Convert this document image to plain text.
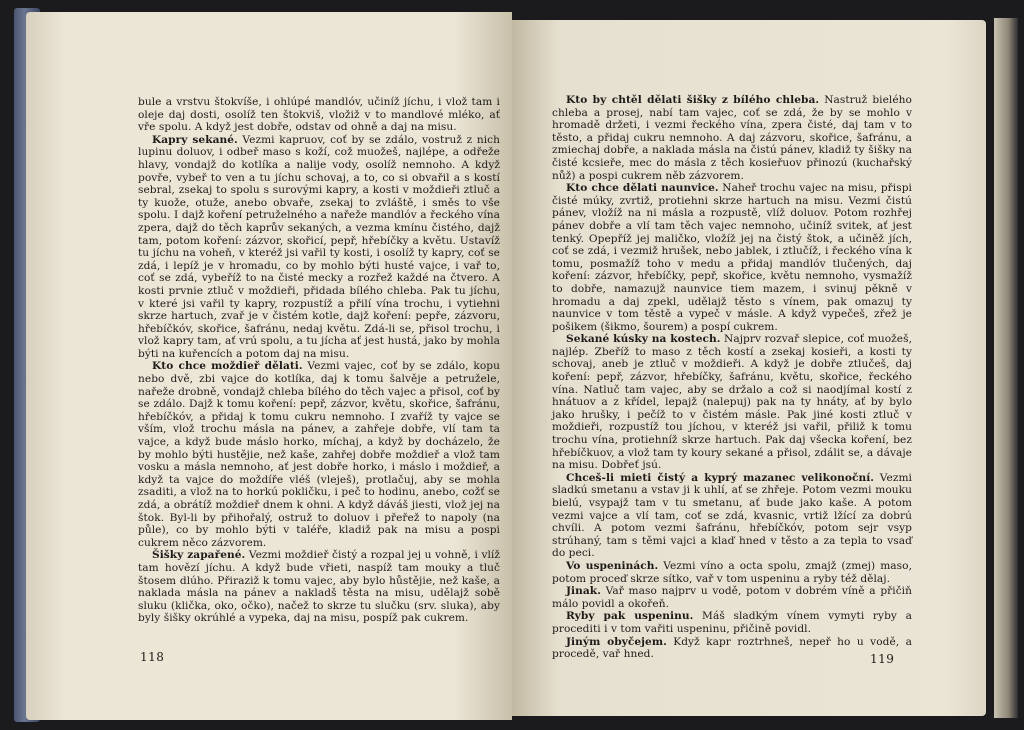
bule a vrstvu štokvíše, i ohlúpé mandlóv, učiníž jíchu, i vlož tam i oleje daj dosti, osolíž ten štokviš, vložiž v to mandlové mléko, ať vře spolu. A když jest dobře, odstav od ohně a daj na misu.

Kapry sekané. Vezmi kapruov, coť by se zdálo, vostruž z nich lupinu doluov, i odbeř maso s koží, což muožeš, najlépe, a odřeže hlavy, vondajž do kotlíka a nalije vody, osolíž nemnoho. A když povře, vybeř to ven a tu jíchu schovaj, a to, co si obvařil a s kostí sebral, zsekaj to spolu s surovými kapry, a kosti v moždieři ztluč a ty kuože, otuže, anebo obvaře, zsekaj to zvláště, i směs to vše spolu. I dajž koření petruželného a nařeže mandlóv a řeckého vína zpera, dajž do těch kaprův sekaných, a vezma kmínu čistého, dajž tam, potom koření: zázvor, skořicí, pepř, hřebíčky a květu. Ustavíž tu jíchu na voheň, v kteréž jsi vařil ty kosti, i osolíž ty kapry, coť se zdá, i lepíž je v hromadu, co by mohlo býti husté vajce, i vař to, coť se zdá, vybeříž to na čisté mecky a rozřež každé na čtvero. A kosti prvnie ztluč v moždieři, přidada bílého chleba. Pak tu jíchu, v které jsi vařil ty kapry, rozpustíž a přilí vína trochu, i vytiehni skrze hartuch, zvař je v čistém kotle, dajž koření: pepře, zázvoru, hřebíčkóv, skořice, šafránu, nedaj květu. Zdá-li se, přisol trochu, i vlož kapry tam, ať vrú spolu, a tu jícha ať jest hustá, jako by mohla býti na kuřencích a potom daj na misu.

Kto chce moždieř dělati. Vezmi vajec, coť by se zdálo, kopu nebo dvě, zbi vajce do kotlíka, daj k tomu šalvěje a petruželе, nařeže drobně, vondajž chleba bílého do těch vajec a přisol, coť by se zdálo. Dajž k tomu koření: pepř, zázvor, květu, skořice, šafránu, hřebíčkóv, a přidaj k tomu cukru nemnoho. I zvaříž ty vajce se vším, vlož trochu másla na pánev, a zahřeje dobře, vlí tam ta vajce, a když bude máslo horko, míchaj, a když by docházelo, že by mohlo býti hustějie, než kaše, zahřej dobře moždieř a vlož tam vosku a másla nemnoho, ať jest dobře horko, i máslo i moždieř, a když ta vajce do moždíře vléš (vleješ), protlačuj, aby se mohla zsaditi, a vlož na to horkú pokličku, i peč to hodinu, anebo, cožť se zdá, a obrátíž moždieř dnem k ohni. A když dáváš jiesti, vlož jej na štok. Byl-li by přihořalý, ostruž to doluov i přeřež to napoly (na půle), co by mohlo býti v taléře, kladiž pak na misu a pospi cukrem něco zázvorem.

Šišky zapařené. Vezmi moždieř čistý a rozpal jej u vohně, i vlíž tam hovězí jíchu. A když bude vřieti, naspíž tam mouky a tluč štosem dlúho. Přiraziž k tomu vajec, aby bylo hůstějie, než kaše, a naklada másla na pánev a nakladš těsta na misu, udělajž sobě sluku (klička, oko, očko), načež to skrze tu slučku (srv. sluka), aby byly šišky okrúhlé a vypeka, daj na misu, pospíž pak cukrem.

118

Kto by chtěl dělati šišky z bílého chleba. Nastruž bielého chleba a prosej, nabí tam vajec, coť se zdá, že by se mohlo v hromadě držeti, i vezmi řeckého vína, zpera čisté, daj tam v to těsto, a přidaj cukru nemnoho. A daj zázvoru, skořice, šafránu, a zmiechaj dobře, a naklada másla na čistú pánev, kladiž ty šišky na čisté kcsieře, mec do másla z těch kosieřuov přinozú (kuchařský nůž) a pospi cukrem něb zázvorem.

Kto chce dělati naunvice. Naheř trochu vajec na misu, přispi čisté múky, zvrtiž, protiehni skrze hartuch na misu. Vezmi čistú pánev, vložíž na ni másla a rozpustě, vlíž doluov. Potom rozhřej pánev dobře a vlí tam těch vajec nemnoho, učiníž svitek, ať jest tenký. Opepříž jej maličko, vložíž jej na čistý štok, a učiněž jích, coť se zdá, i vezmiž hrušek, nebo jablek, i ztlučíž, i řeckého vína k tomu, posmažíž toho v medu a přidaj mandlóv tlučených, daj koření: zázvor, hřebíčky, pepř, skořice, květu nemnoho, vysmažíž to dobře, namazujž naunvice tiem mazem, i svinuj pěkně v hromadu a daj zpekl, udělajž těsto s vínem, pak omazuj ty naunvice v tom těstě a vypeč v másle. A když vypečeš, zřež je pošikem (šikmo, šourem) a pospí cukrem.

Sekané kúsky na kostech. Najprv rozvař slepice, coť muožeš, najlép. Zbeříž to maso z těch kostí a zsekaj kosieři, a kosti ty schovaj, aneb je ztluč v moždieři. A když je dobře ztlučeš, daj koření: pepř, zázvor, hřebíčky, šafránu, květu, skořice, řeckého vína. Natluč tam vajec, aby se držalo a což si naodjímal kostí z hnátuov a z křídel, lepajž (nalepuj) pak na ty hnáty, ať by bylo jako hrušky, i pečíž to v čistém másle. Pak jiné kosti ztluč v moždieři, rozpustíž tou jíchou, v kteréž jsi vařil, přiliž k tomu trochu vína, protiehníž skrze hartuch. Pak daj všecka koření, bez hřebíčkuov, a vlož tam ty koury sekané a přisol, zdálit se, a dávaje na misu. Dobřeť jsú.

Chceš-li mieti čistý a kyprý mazanec velikonoční. Vezmi sladkú smetanu a vstav ji k uhlí, ať se zhřeje. Potom vezmi mouku bielú, vsypajž tam v tu smetanu, ať bude jako kaše. A potom vezmi vajce a vlí tam, coť se zdá, kvasnic, vrtiž lžící za dobrú chvíli. A potom vezmi šafránu, hřebíčkóv, potom sejr vsyp strúhaný, tam s těmi vajci a klaď hned v těsto a za tepla to vsaď do peci.

Vo uspeninách. Vezmi víno a octa spolu, zmajž (zmej) maso, potom proceď skrze sítko, vař v tom uspeninu a ryby též dělaj.

Jinak. Vař maso najprv u vodě, potom v dobrém víně a přičiň málo povidl a okořeň.

Ryby pak uspeninu. Máš sladkým vínem vymyti ryby a procediti i v tom vařiti uspeninu, přičině povidl.

Jiným obyčejem. Když kapr roztrhneš, nepeř ho u vodě, a procedě, vař hned.	119
